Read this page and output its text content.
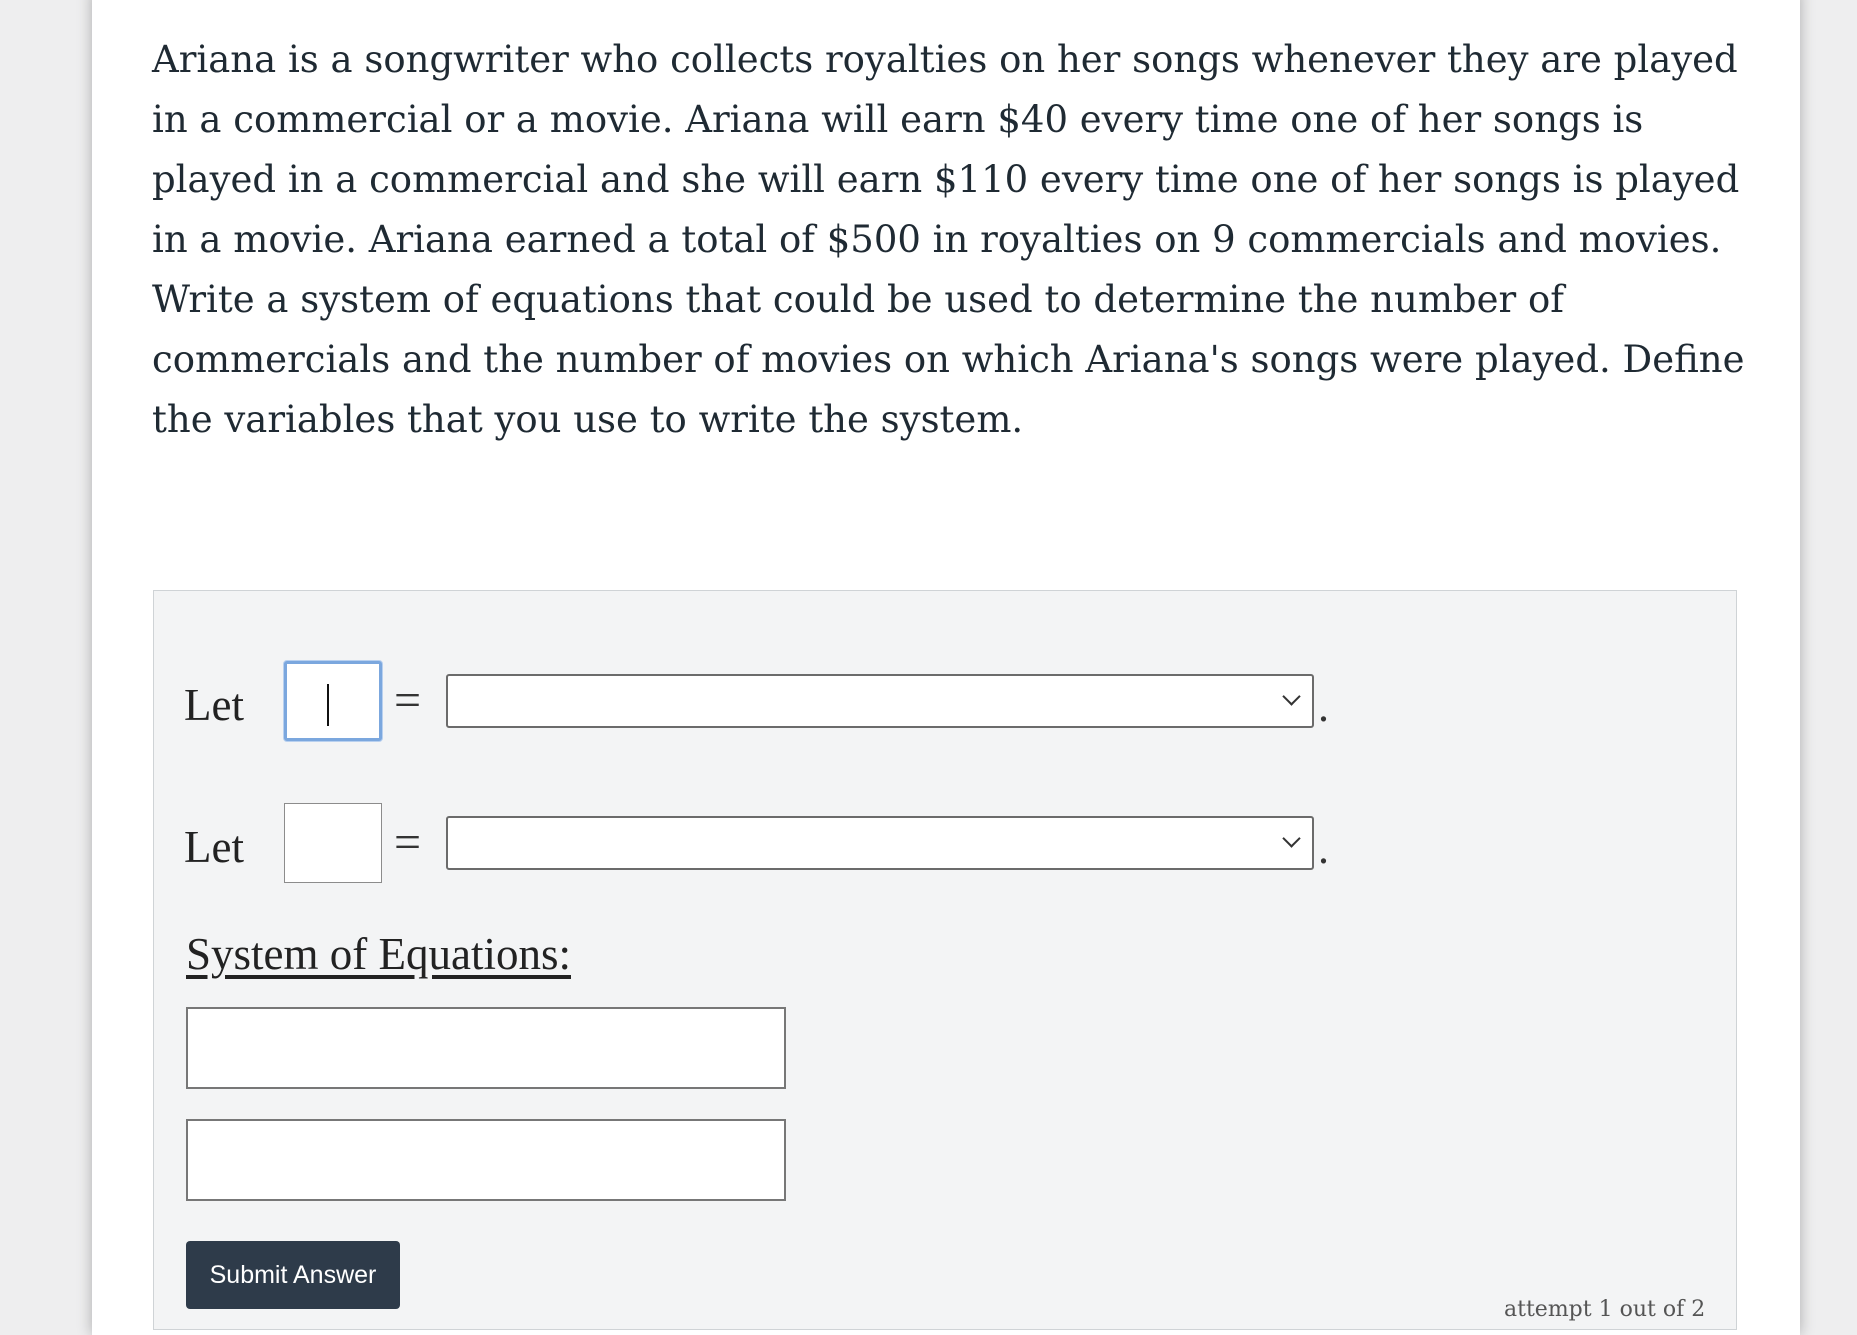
Ariana is a songwriter who collects royalties on her songs whenever they are played in a commercial or a movie. Ariana will earn $40 every time one of her songs is played in a commercial and she will earn $110 every time one of her songs is played in a movie. Ariana earned a total of $500 in royalties on 9 commercials and movies. Write a system of equations that could be used to determine the number of commercials and the number of movies on which Ariana's songs were played. Define the variables that you use to write the system.

Let	=	.
Let	=	.
System of Equations:
Submit Answer
attempt 1 out of 2
